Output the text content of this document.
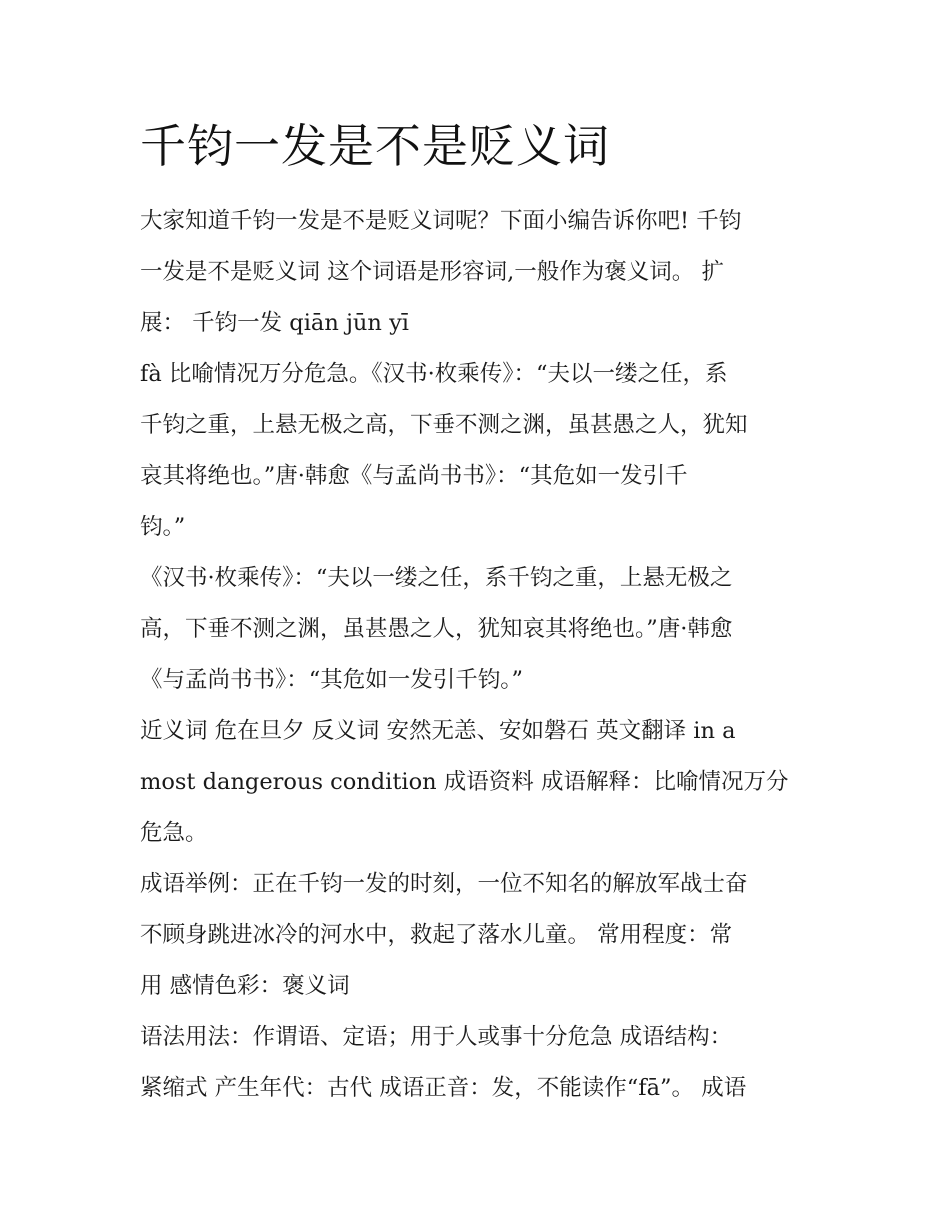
千钧一发是不是贬义词
大家知道千钧一发是不是贬义词呢？下面小编告诉你吧! 千钧
一发是不是贬义词 这个词语是形容词,一般作为褒义词。 扩
展： 千钧一发 qiān jūn yī
fà 比喻情况万分危急。《汉书·枚乘传》：“夫以一缕之任，系
千钧之重，上悬无极之高，下垂不测之渊，虽甚愚之人，犹知
哀其将绝也。”唐·韩愈《与孟尚书书》：“其危如一发引千
钧。”
《汉书·枚乘传》：“夫以一缕之任，系千钧之重，上悬无极之
高，下垂不测之渊，虽甚愚之人，犹知哀其将绝也。”唐·韩愈
《与孟尚书书》：“其危如一发引千钧。”
近义词 危在旦夕 反义词 安然无恙、安如磐石 英文翻译 in a
most dangerous condition 成语资料 成语解释：比喻情况万分
危急。
成语举例：正在千钧一发的时刻，一位不知名的解放军战士奋
不顾身跳进冰冷的河水中，救起了落水儿童。 常用程度：常
用 感情色彩：褒义词
语法用法：作谓语、定语；用于人或事十分危急 成语结构：
紧缩式 产生年代：古代 成语正音：发，不能读作“fā”。 成语
